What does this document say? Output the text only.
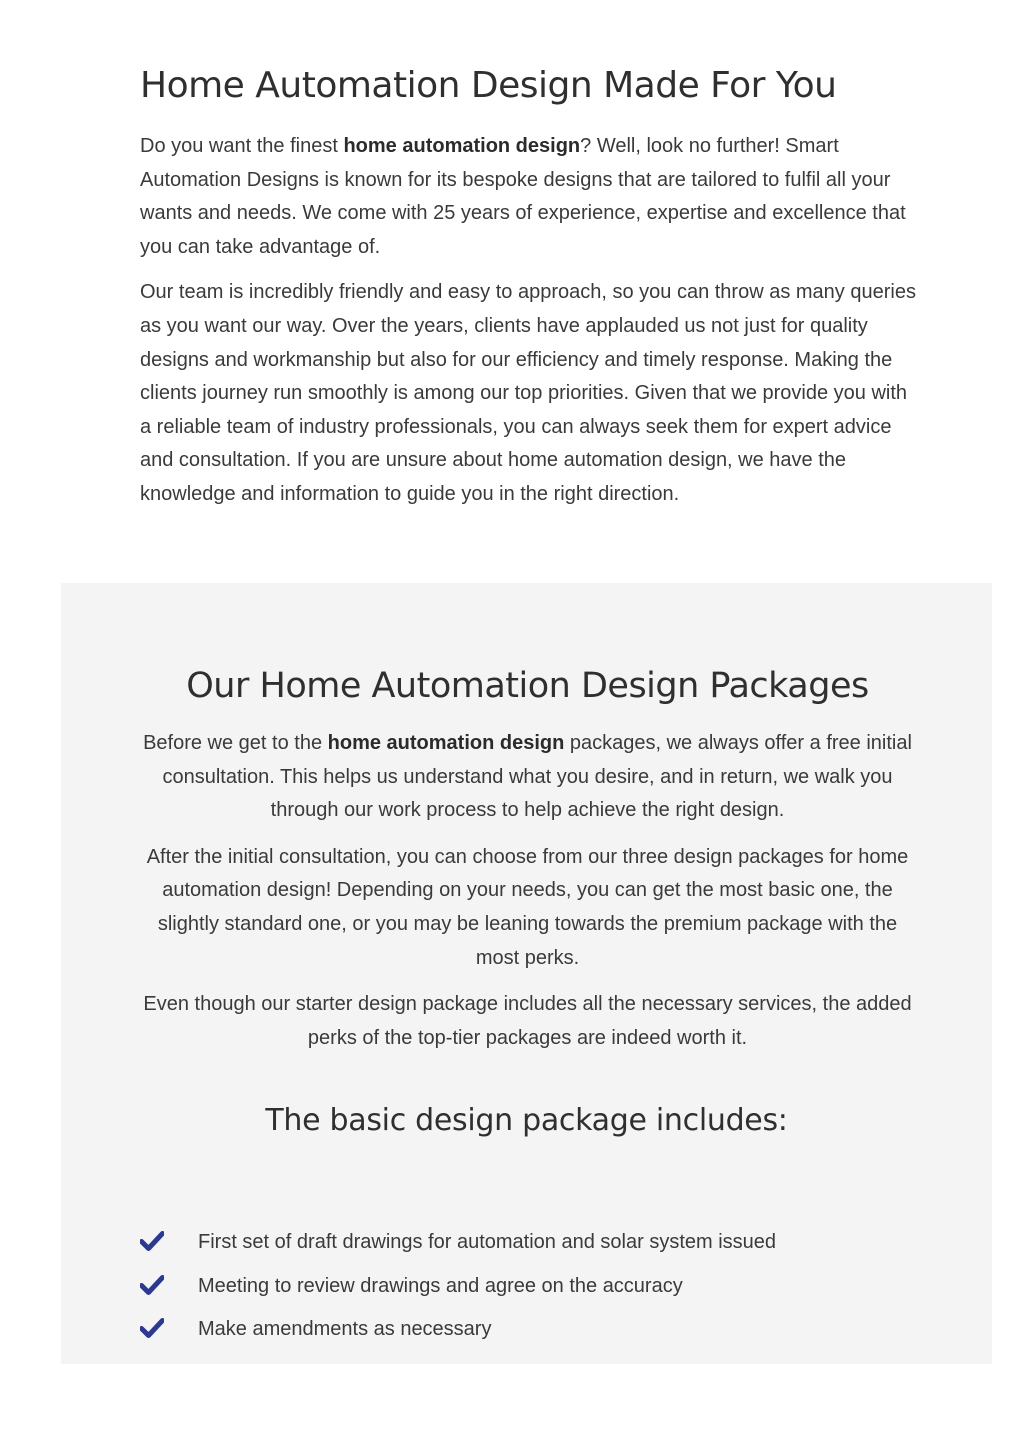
Home Automation Design Made For You

Do you want the finest home automation design? Well, look no further! Smart Automation Designs is known for its bespoke designs that are tailored to fulfil all your wants and needs. We come with 25 years of experience, expertise and excellence that you can take advantage of.

Our team is incredibly friendly and easy to approach, so you can throw as many queries as you want our way. Over the years, clients have applauded us not just for quality designs and workmanship but also for our efficiency and timely response. Making the clients journey run smoothly is among our top priorities. Given that we provide you with a reliable team of industry professionals, you can always seek them for expert advice and consultation. If you are unsure about home automation design, we have the knowledge and information to guide you in the right direction.

Our Home Automation Design Packages

Before we get to the home automation design packages, we always offer a free initial consultation. This helps us understand what you desire, and in return, we walk you through our work process to help achieve the right design.

After the initial consultation, you can choose from our three design packages for home automation design! Depending on your needs, you can get the most basic one, the slightly standard one, or you may be leaning towards the premium package with the most perks.

Even though our starter design package includes all the necessary services, the added perks of the top-tier packages are indeed worth it.

The basic design package includes:
First set of draft drawings for automation and solar system issued
Meeting to review drawings and agree on the accuracy
Make amendments as necessary
